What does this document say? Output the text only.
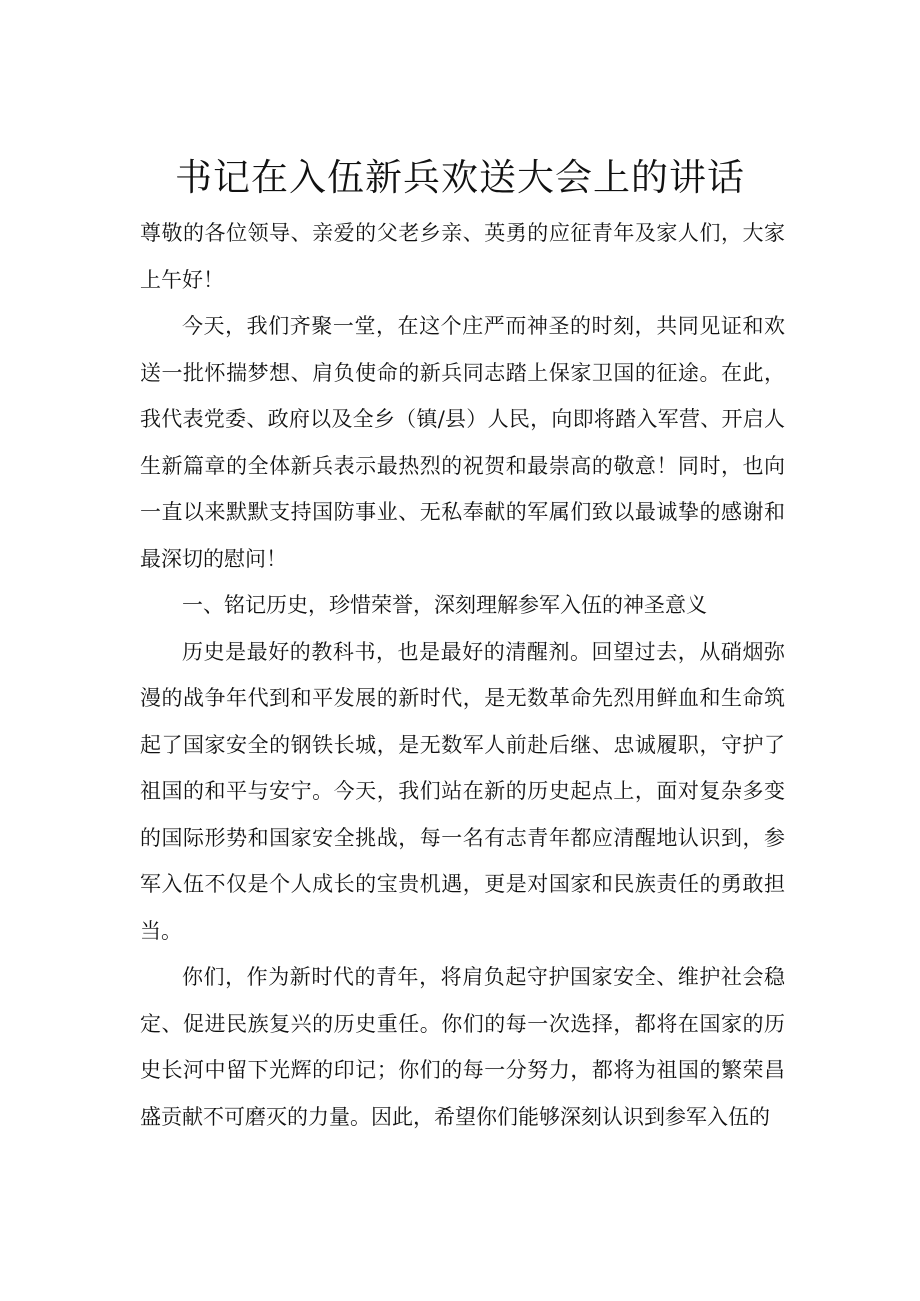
书记在入伍新兵欢送大会上的讲话

尊敬的各位领导、亲爱的父老乡亲、英勇的应征青年及家人们，大家上午好！

今天，我们齐聚一堂，在这个庄严而神圣的时刻，共同见证和欢送一批怀揣梦想、肩负使命的新兵同志踏上保家卫国的征途。在此，我代表党委、政府以及全乡（镇/县）人民，向即将踏入军营、开启人生新篇章的全体新兵表示最热烈的祝贺和最崇高的敬意！同时，也向一直以来默默支持国防事业、无私奉献的军属们致以最诚挚的感谢和最深切的慰问！

一、铭记历史，珍惜荣誉，深刻理解参军入伍的神圣意义

历史是最好的教科书，也是最好的清醒剂。回望过去，从硝烟弥漫的战争年代到和平发展的新时代，是无数革命先烈用鲜血和生命筑起了国家安全的钢铁长城，是无数军人前赴后继、忠诚履职，守护了祖国的和平与安宁。今天，我们站在新的历史起点上，面对复杂多变的国际形势和国家安全挑战，每一名有志青年都应清醒地认识到，参军入伍不仅是个人成长的宝贵机遇，更是对国家和民族责任的勇敢担当。

你们，作为新时代的青年，将肩负起守护国家安全、维护社会稳定、促进民族复兴的历史重任。你们的每一次选择，都将在国家的历史长河中留下光辉的印记；你们的每一分努力，都将为祖国的繁荣昌盛贡献不可磨灭的力量。因此，希望你们能够深刻认识到参军入伍的
